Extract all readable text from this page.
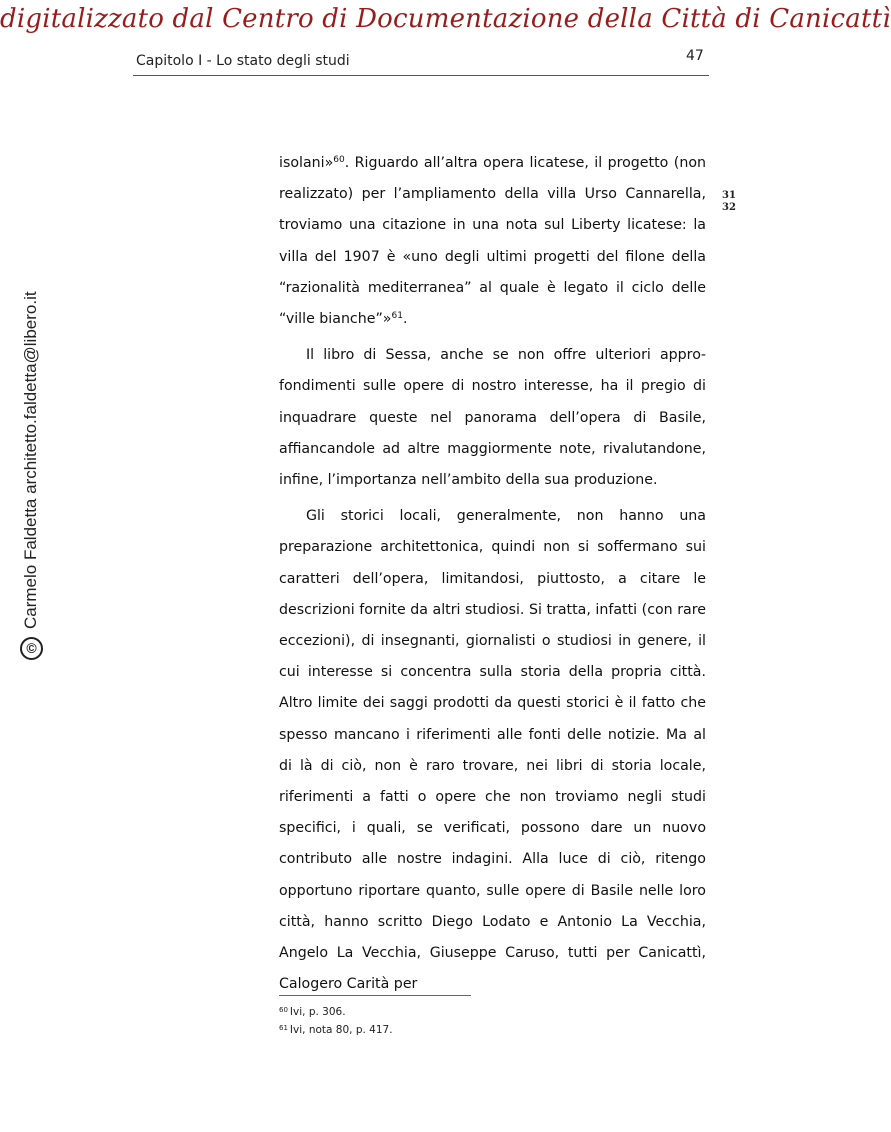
digitalizzato dal Centro di Documentazione della Città di Canicattì
Capitolo I - Lo stato degli studi	47
©Carmelo Faldetta architetto.faldetta@libero.it
31
32

isolani»$^{60}$. Riguardo all’altra opera licatese, il progetto (non realizzato) per l’ampliamento della villa Urso Cannarella, troviamo una citazione in una nota sul Liberty licatese: la villa del 1907 è «uno degli ultimi progetti del filone della “razionalità mediterranea” al quale è legato il ciclo delle “ville bianche”»$^{61}$.

Il libro di Sessa, anche se non offre ulteriori approfondimenti sulle opere di nostro interesse, ha il pregio di inquadrare queste nel panorama dell’opera di Basile, affiancandole ad altre maggiormente note, rivalutandone, infine, l’importanza nell’ambito della sua produzione.

Gli storici locali, generalmente, non hanno una preparazione architettonica, quindi non si soffermano sui caratteri dell’opera, limitandosi, piuttosto, a citare le descrizioni fornite da altri studiosi. Si tratta, infatti (con rare eccezioni), di insegnanti, giornalisti o studiosi in genere, il cui interesse si concentra sulla storia della propria città. Altro limite dei saggi prodotti da questi storici è il fatto che spesso mancano i riferimenti alle fonti delle notizie. Ma al di là di ciò, non è raro trovare, nei libri di storia locale, riferimenti a fatti o opere che non troviamo negli studi specifici, i quali, se verificati, possono dare un nuovo contributo alle nostre indagini. Alla luce di ciò, ritengo opportuno riportare quanto, sulle opere di Basile nelle loro città, hanno scritto Diego Lodato e Antonio La Vecchia, Angelo La Vecchia, Giuseppe Caruso, tutti per Canicattì, Calogero Carità per

$^{60}$ Ivi, p. 306.
$^{61}$ Ivi, nota 80, p. 417.
